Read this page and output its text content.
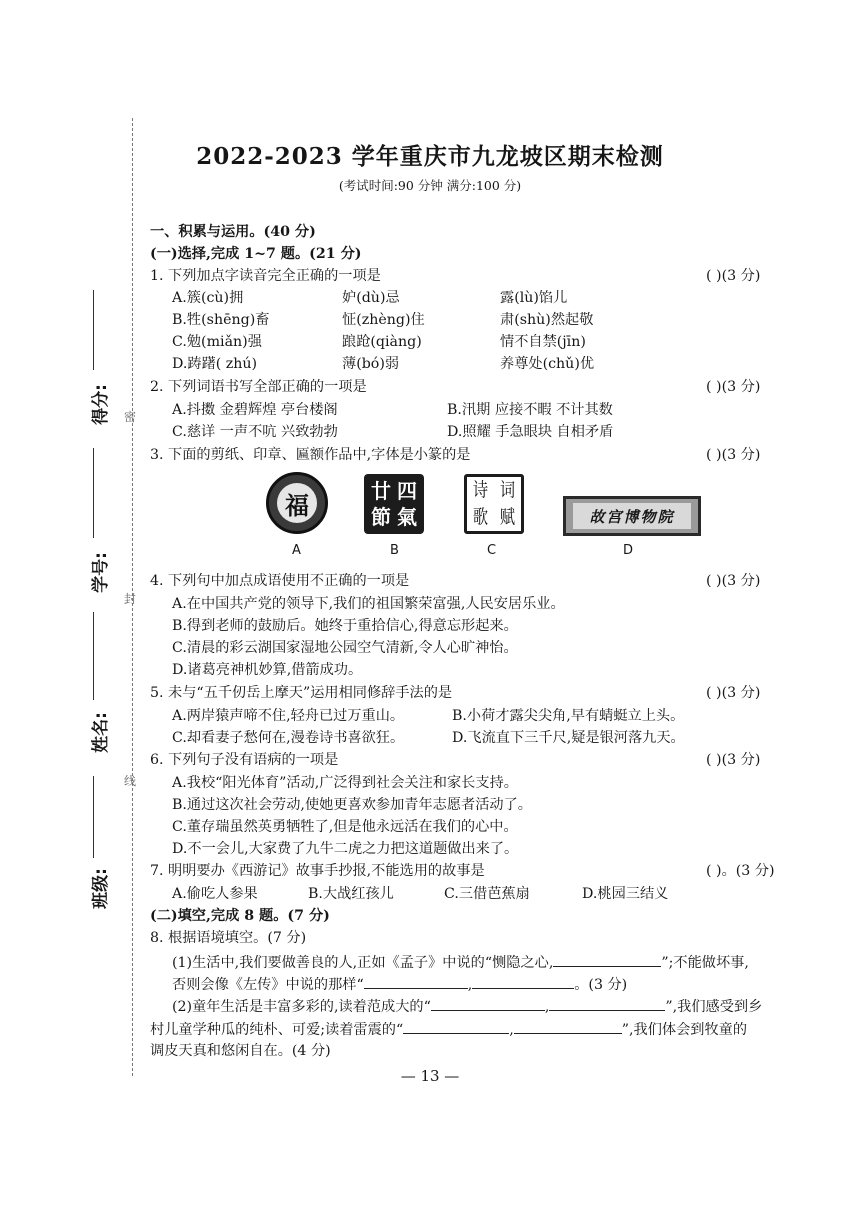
密
封
线
得分:
学号:
姓名:
班级:
2022-2023 学年重庆市九龙坡区期末检测
(考试时间:90 分钟 满分:100 分)
一、积累与运用。(40 分)
(一)选择,完成 1~7 题。(21 分)
1. 下列加点字读音完全正确的一项是	( )(3 分)
A.簇(cù)拥	妒(dù)忌	露(lù)馅儿
B.牲(shēng)畜	怔(zhèng)住	肃(shù)然起敬
C.勉(miǎn)强	踉跄(qiàng)	情不自禁(jīn)
D.踌躇( zhú)	薄(bó)弱	养尊处(chǔ)优
2. 下列词语书写全部正确的一项是	( )(3 分)
A.抖擞 金碧辉煌 亭台楼阁	B.汛期 应接不暇 不计其数
C.慈详 一声不吭 兴致勃勃	D.照耀 手急眼块 自相矛盾
3. 下面的剪纸、印章、匾额作品中,字体是小篆的是	( )(3 分)
福
A
廿 四
節 氣
B
诗 词
歌 赋
C
故宫博物院
D
4. 下列句中加点成语使用不正确的一项是	( )(3 分)
A.在中国共产党的领导下,我们的祖国繁荣富强,人民安居乐业。
B.得到老师的鼓励后。她终于重拾信心,得意忘形起来。
C.清晨的彩云湖国家湿地公园空气清新,令人心旷神怡。
D.诸葛亮神机妙算,借箭成功。
5. 未与“五千仞岳上摩天”运用相同修辞手法的是	( )(3 分)
A.两岸猿声啼不住,轻舟已过万重山。	B.小荷才露尖尖角,早有蜻蜓立上头。
C.却看妻子愁何在,漫卷诗书喜欲狂。	D.飞流直下三千尺,疑是银河落九天。
6. 下列句子没有语病的一项是	( )(3 分)
A.我校“阳光体育”活动,广泛得到社会关注和家长支持。
B.通过这次社会劳动,使她更喜欢参加青年志愿者活动了。
C.董存瑞虽然英勇牺牲了,但是他永远活在我们的心中。
D.不一会儿,大家费了九牛二虎之力把这道题做出来了。
7. 明明要办《西游记》故事手抄报,不能选用的故事是	( )。(3 分)
A.偷吃人参果	B.大战红孩儿	C.三借芭蕉扇	D.桃园三结义
(二)填空,完成 8 题。(7 分)
8. 根据语境填空。(7 分)
(1)生活中,我们要做善良的人,正如《孟子》中说的“恻隐之心,	”;不能做坏事,
否则会像《左传》中说的那样“	,	。(3 分)
(2)童年生活是丰富多彩的,读着范成大的“	,	”,我们感受到乡
村儿童学种瓜的纯朴、可爱;读着雷震的“	,	”,我们体会到牧童的
调皮天真和悠闲自在。(4 分)
— 13 —
